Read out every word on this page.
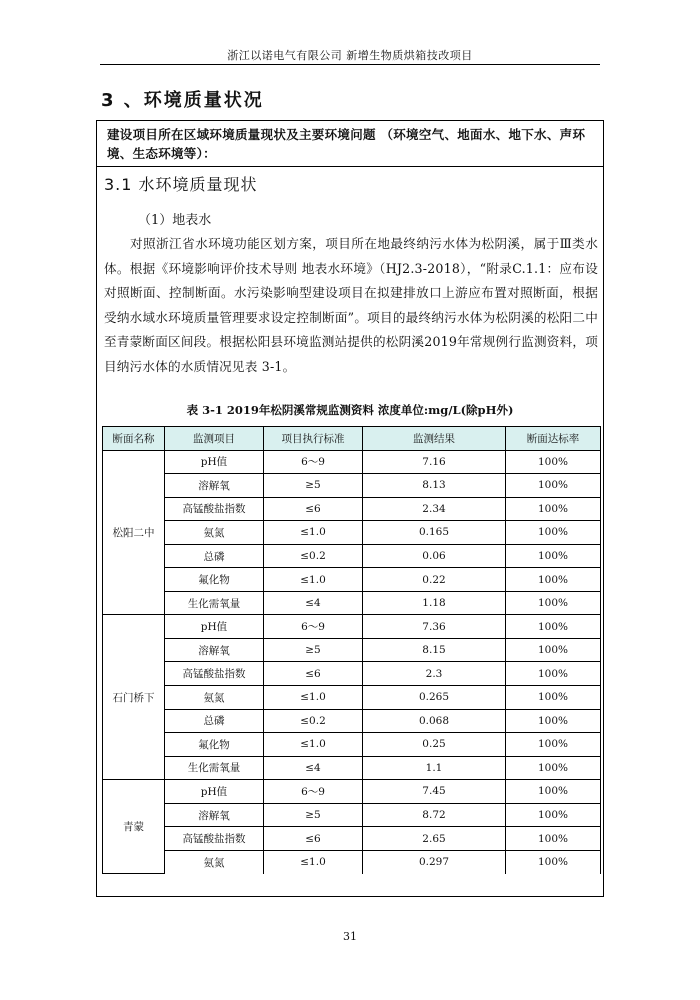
浙江以诺电气有限公司 新增生物质烘箱技改项目
3 、环境质量状况
建设项目所在区域环境质量现状及主要环境问题 （环境空气、地面水、地下水、声环境、生态环境等）：
3.1 水环境质量现状
（1）地表水

对照浙江省水环境功能区划方案，项目所在地最终纳污水体为松阴溪，属于Ⅲ类水体。根据《环境影响评价技术导则 地表水环境》（HJ2.3-2018），“附录C.1.1：应布设对照断面、控制断面。水污染影响型建设项目在拟建排放口上游应布置对照断面，根据受纳水域水环境质量管理要求设定控制断面”。项目的最终纳污水体为松阴溪的松阳二中至青蒙断面区间段。根据松阳县环境监测站提供的松阴溪2019年常规例行监测资料，项目纳污水体的水质情况见表 3-1。

表 3-1 2019年松阴溪常规监测资料 浓度单位:mg/L(除pH外)
断面名称	监测项目	项目执行标准	监测结果	断面达标率
松阳二中	pH值	6～9	7.16	100%
	溶解氧	≥5	8.13	100%
	高锰酸盐指数	≤6	2.34	100%
	氨氮	≤1.0	0.165	100%
	总磷	≤0.2	0.06	100%
	氟化物	≤1.0	0.22	100%
	生化需氧量	≤4	1.18	100%
石门桥下	pH值	6～9	7.36	100%
	溶解氧	≥5	8.15	100%
	高锰酸盐指数	≤6	2.3	100%
	氨氮	≤1.0	0.265	100%
	总磷	≤0.2	0.068	100%
	氟化物	≤1.0	0.25	100%
	生化需氧量	≤4	1.1	100%
青蒙	pH值	6～9	7.45	100%
	溶解氧	≥5	8.72	100%
	高锰酸盐指数	≤6	2.65	100%
	氨氮	≤1.0	0.297	100%
31
